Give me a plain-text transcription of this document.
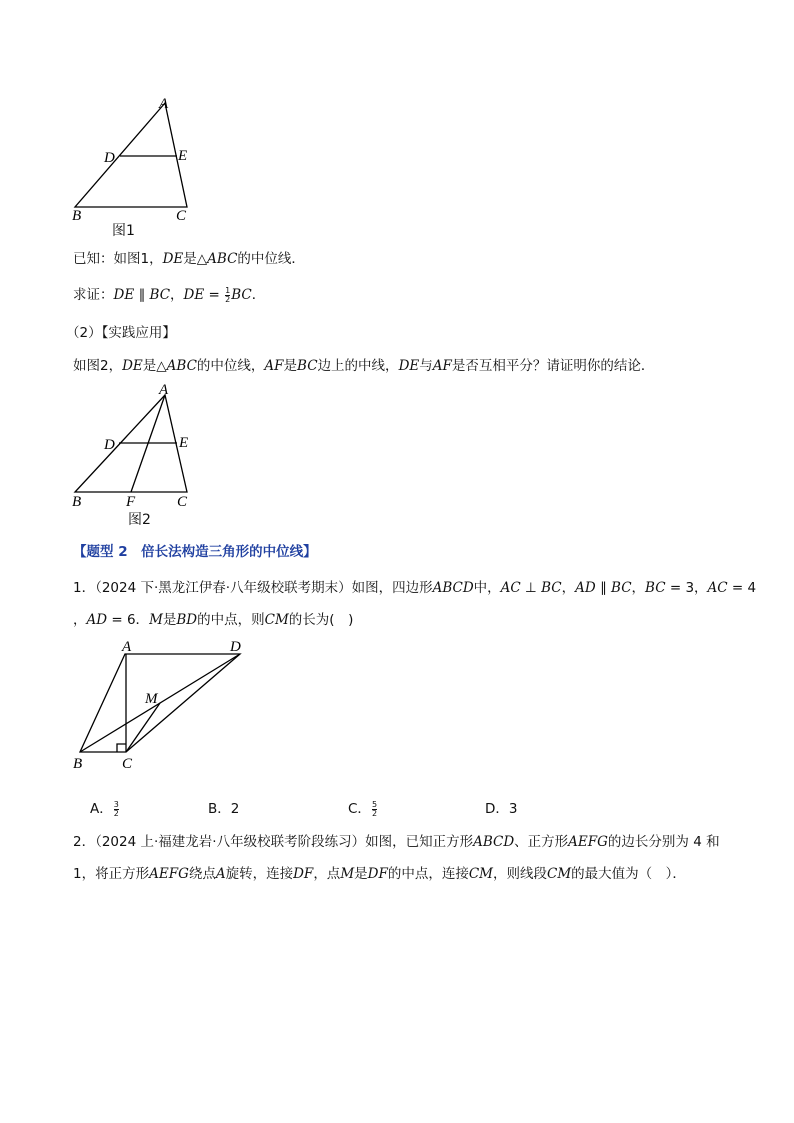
A
D	E
B	C
图1
已知：如图1，DE是△ABC的中位线．
求证：DE ∥ BC，DE = $\frac{1}{2}$ BC．
（2）【实践应用】
如图2，DE是△ABC的中位线，AF是BC边上的中线，DE与AF是否互相平分？请证明你的结论．
A
D	E
B	F	C
图2
【题型 2　倍长法构造三角形的中位线】
1．（2024 下·黑龙江伊春·八年级校联考期末）如图，四边形ABCD中，AC ⊥ BC，AD ∥ BC，BC = 3，AC = 4
，AD = 6．M是BD的中点，则CM的长为(　)
A	D
M
B	C
A． $\frac{3}{2}$	B．2	C． $\frac{5}{2}$	D．3
2．（2024 上·福建龙岩·八年级校联考阶段练习）如图，已知正方形ABCD、正方形AEFG的边长分别为 4 和
1，将正方形AEFG绕点A旋转，连接DF，点M是DF的中点，连接CM，则线段CM的最大值为（　）．
